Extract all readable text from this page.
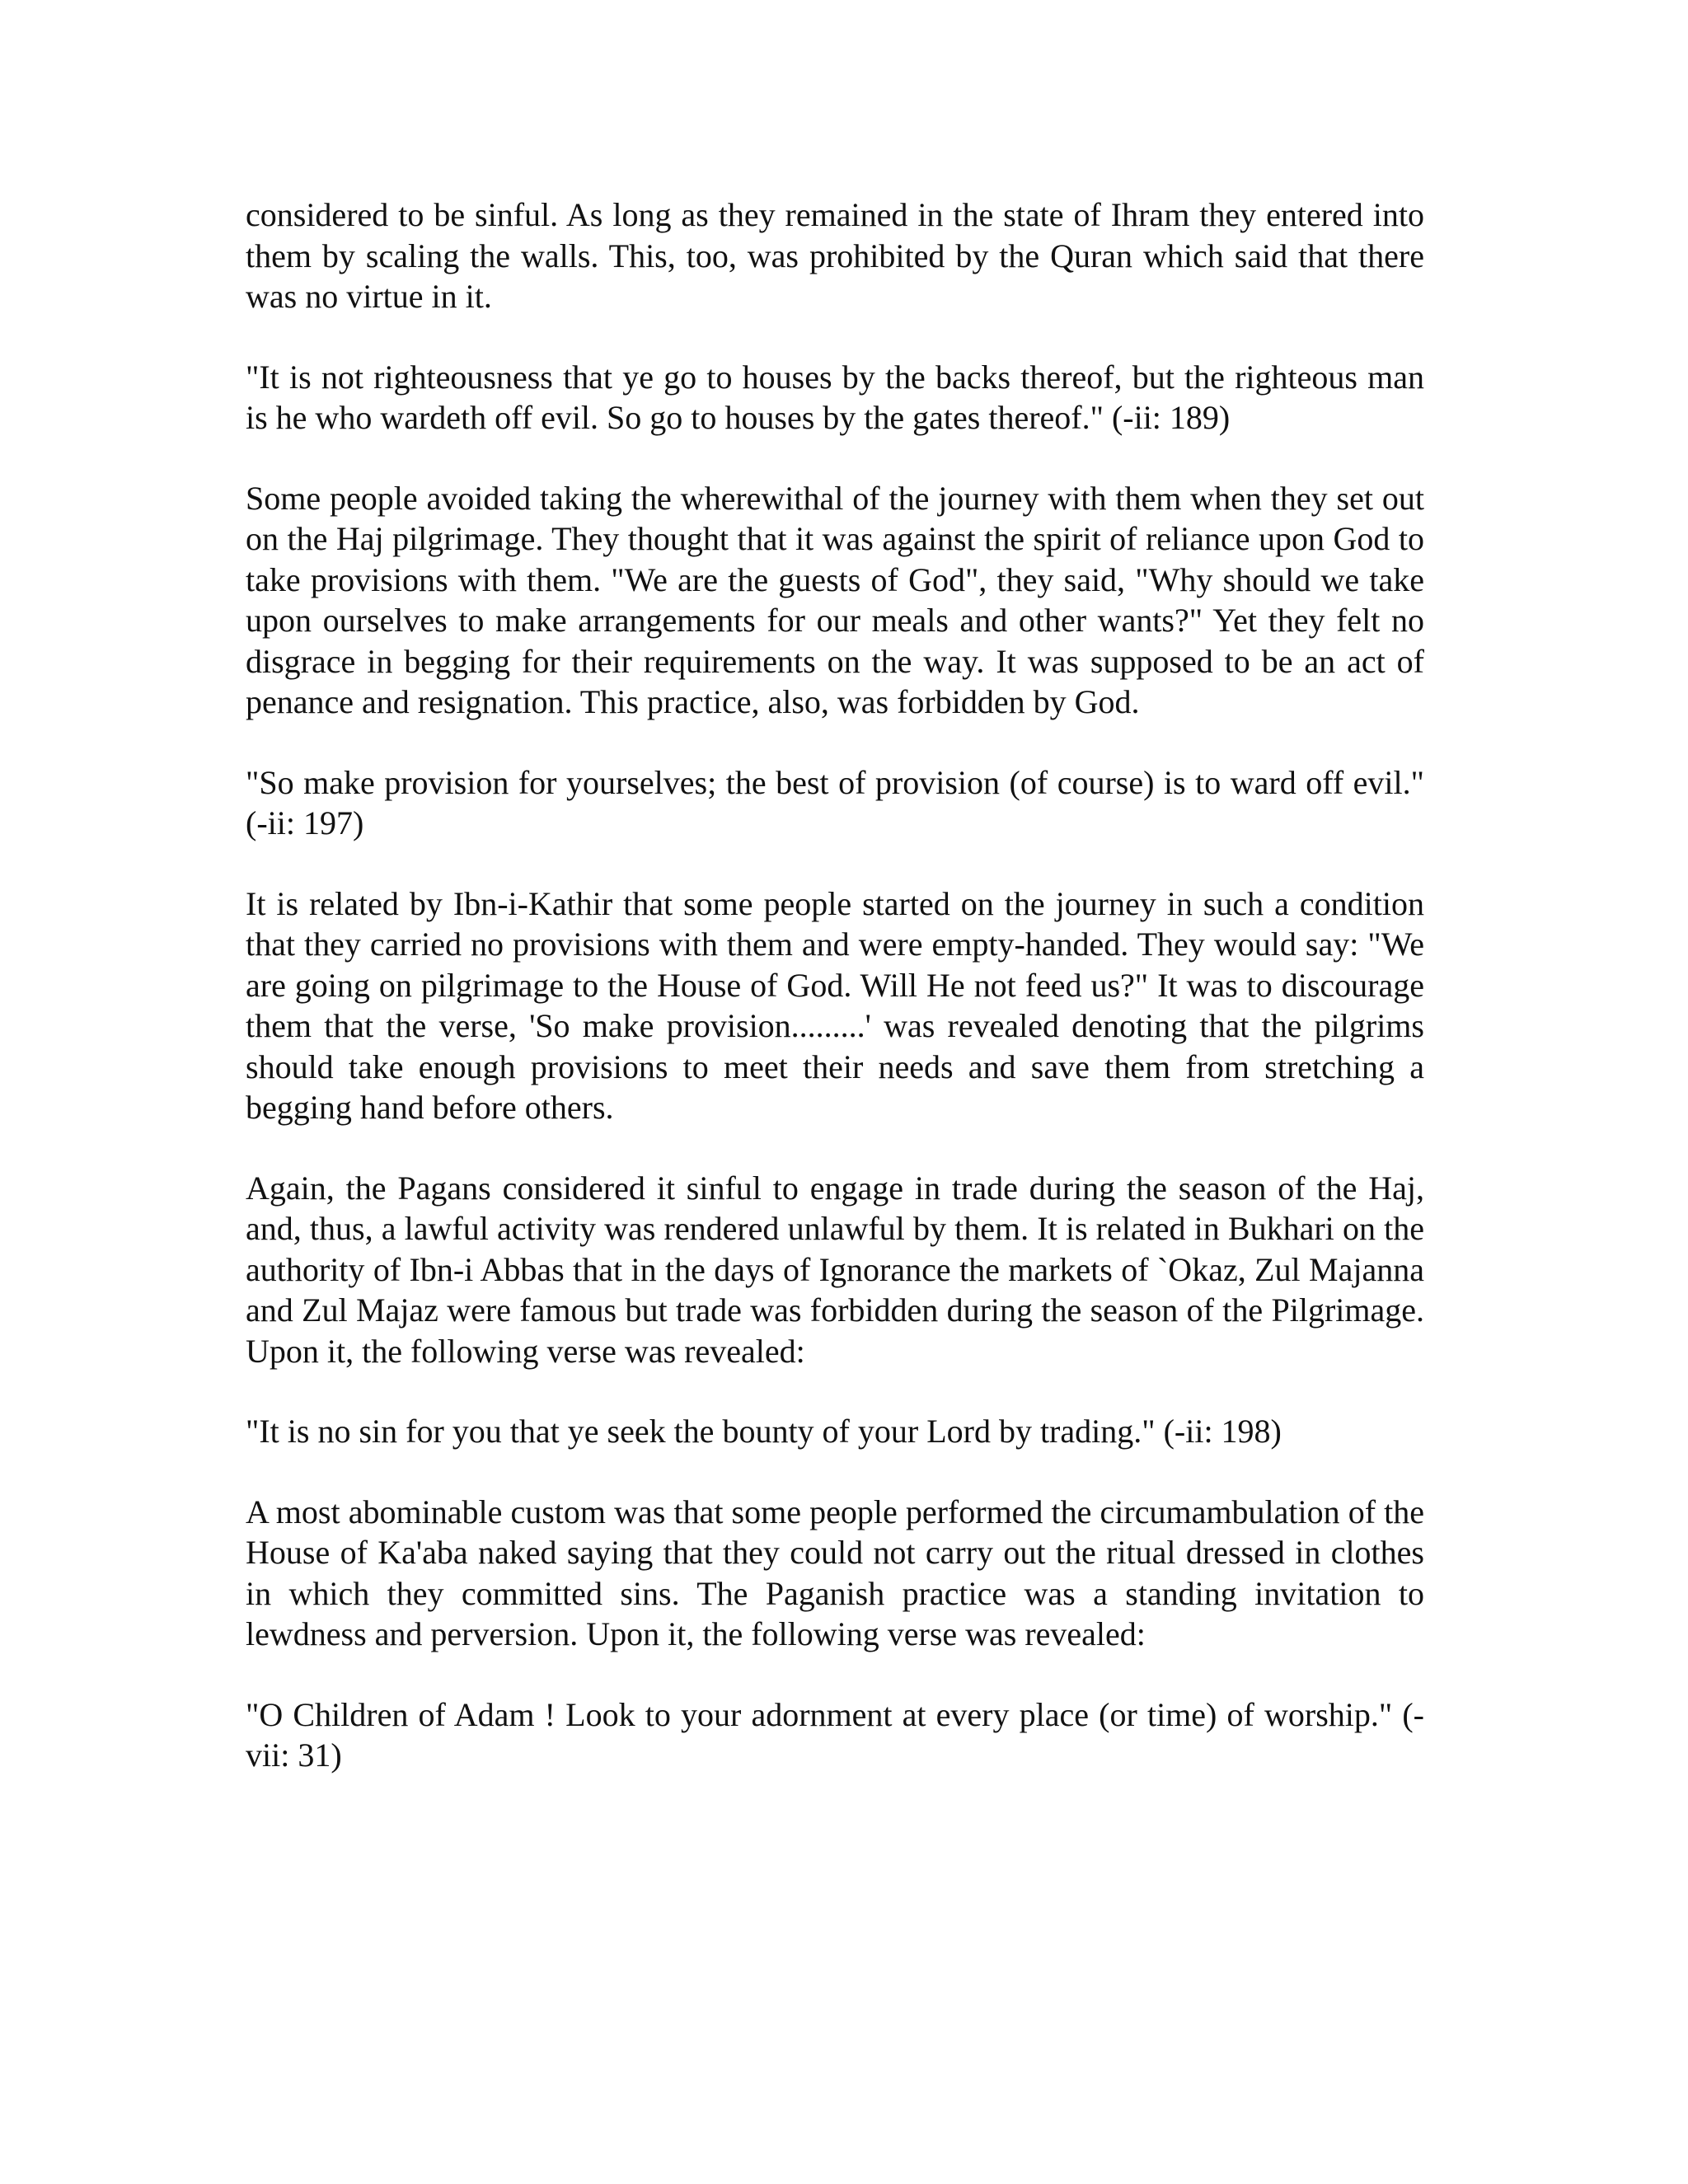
considered to be sinful. As long as they remained in the state of Ihram they entered into them by scaling the walls. This, too, was prohibited by the Quran which said that there was no virtue in it.

"It is not righteousness that ye go to houses by the backs thereof, but the righteous man is he who wardeth off evil. So go to houses by the gates thereof." (-ii: 189)

Some people avoided taking the wherewithal of the journey with them when they set out on the Haj pilgrimage. They thought that it was against the spirit of reliance upon God to take provisions with them. "We are the guests of God", they said, "Why should we take upon ourselves to make arrangements for our meals and other wants?" Yet they felt no disgrace in begging for their requirements on the way. It was supposed to be an act of penance and resignation. This practice, also, was forbidden by God.

"So make provision for yourselves; the best of provision (of course) is to ward off evil." (-ii: 197)

It is related by Ibn-i-Kathir that some people started on the journey in such a condition that they carried no provisions with them and were empty-handed. They would say: "We are going on pilgrimage to the House of God. Will He not feed us?" It was to discourage them that the verse, 'So make provision.........' was revealed denoting that the pilgrims should take enough provisions to meet their needs and save them from stretching a begging hand before others.

Again, the Pagans considered it sinful to engage in trade during the season of the Haj, and, thus, a lawful activity was rendered unlawful by them. It is related in Bukhari on the authority of Ibn-i Abbas that in the days of Ignorance the markets of `Okaz, Zul Majanna and Zul Majaz were famous but trade was forbidden during the season of the Pilgrimage. Upon it, the following verse was revealed:

"It is no sin for you that ye seek the bounty of your Lord by trading." (-ii: 198)

A most abominable custom was that some people performed the circumambulation of the House of Ka'aba naked saying that they could not carry out the ritual dressed in clothes in which they committed sins. The Paganish practice was a standing invitation to lewdness and perversion. Upon it, the following verse was revealed:

"O Children of Adam ! Look to your adornment at every place (or time) of worship." (-vii: 31)
